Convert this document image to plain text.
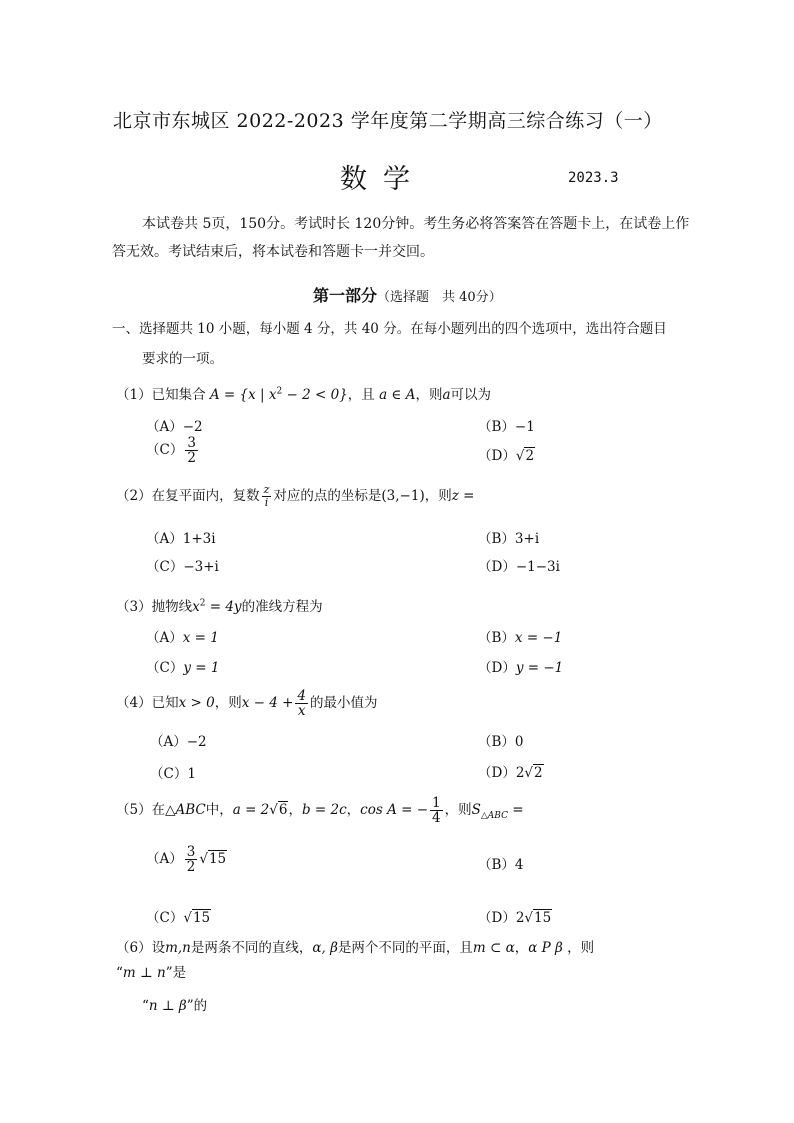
北京市东城区 2022-2023 学年度第二学期高三综合练习（一）
数学	2023.3
本试卷共 5页，150分。考试时长 120分钟。考生务必将答案答在答题卡上，在试卷上作
答无效。考试结束后，将本试卷和答题卡一并交回。
第一部分（选择题　共 40分）
一、选择题共 10 小题，每小题 4 分，共 40 分。在每小题列出的四个选项中，选出符合题目
要求的一项。
（1）已知集合 A = {x | $x^2 - 2 < 0$}，且 a ∈ A，则a可以为
（A）−2	（B）−1
$(C) \frac{3}{2}$	（D）√2
（2）在复平面内，复数 $\frac{z}{i}$ 对应的点的坐标是(3,−1)，则z =
（A）1+3i	（B）3+i
（C）−3+i	（D）−1−3i
（3）抛物线$x^2 = 4y$的准线方程为
（A）x = 1	（B）x = −1
（C）y = 1	（D）y = −1
（4）已知x > 0，则$x - 4 + \frac{4}{x}$ 的最小值为
（A）−2	（B）0
（C）1	（D）2√2
（5）在△ABC中，a = 2√6，b = 2c，cos A = − $\frac{1}{4}$ ，则$S_{\triangle ABC}$ =
$(A) \frac{3}{2} √15$	（B）4
（C）√15	（D）2√15
（6）设m,n是两条不同的直线，α, β是两个不同的平面，且m ⊂ α，α P β ，则
“m ⊥ n”是
“n ⊥ β”的
